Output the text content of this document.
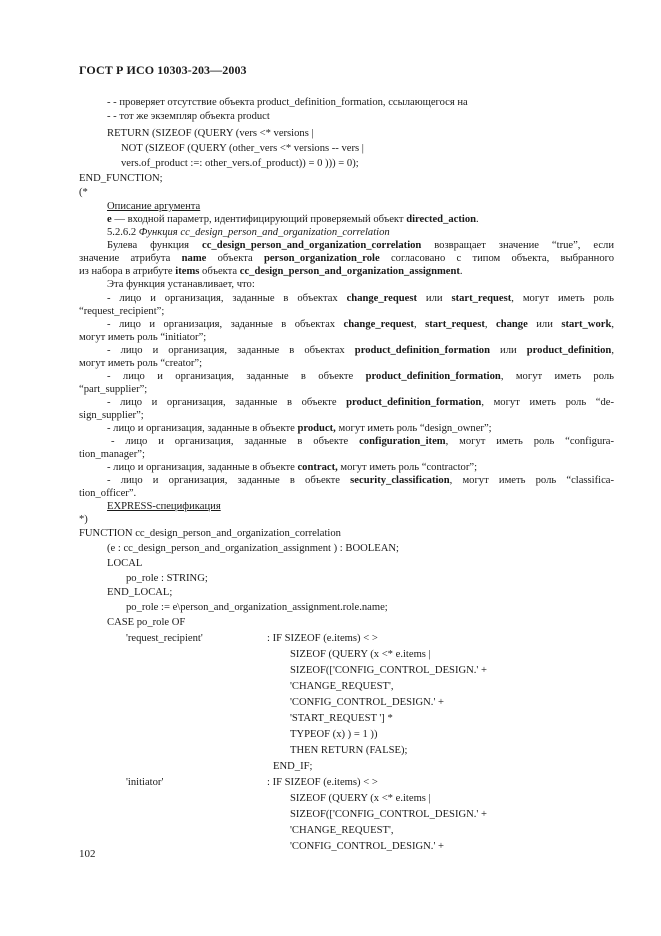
ГОСТ Р ИСО 10303-203—2003
- - проверяет отсутствие объекта product_definition_formation, ссылающегося на
- - тот же экземпляр объекта product
RETURN (SIZEOF (QUERY (vers <* versions |
NOT (SIZEOF (QUERY (other_vers <* versions -- vers |
vers.of_product :=: other_vers.of_product)) = 0 ))) = 0);
END_FUNCTION;
(*
Описание аргумента
e — входной параметр, идентифицирующий проверяемый объект directed_action.
5.2.6.2 Функция cc_design_person_and_organization_correlation
Булева функция cc_design_person_and_organization_correlation возвращает значение “true”, если
значение атрибута name объекта person_organization_role согласовано с типом объекта, выбранного
из набора в атрибуте items объекта cc_design_person_and_organization_assignment.
Эта функция устанавливает, что:
- лицо и организация, заданные в объектах change_request или start_request, могут иметь роль
“request_recipient”;
- лицо и организация, заданные в объектах change_request, start_request, change или start_work,
могут иметь роль “initiator”;
- лицо и организация, заданные в объектах product_definition_formation или product_definition,
могут иметь роль “creator”;
- лицо и организация, заданные в объекте product_definition_formation, могут иметь роль
“part_supplier”;
- лицо и организация, заданные в объекте product_definition_formation, могут иметь роль “de-
sign_supplier”;
- лицо и организация, заданные в объекте product, могут иметь роль “design_owner”;
- лицо и организация, заданные в объекте configuration_item, могут иметь роль “configura-
tion_manager”;
- лицо и организация, заданные в объекте contract, могут иметь роль “contractor”;
- лицо и организация, заданные в объекте security_classification, могут иметь роль “classifica-
tion_officer”.
EXPRESS-спецификация
*)
FUNCTION cc_design_person_and_organization_correlation
(e : cc_design_person_and_organization_assignment ) : BOOLEAN;
LOCAL
po_role : STRING;
END_LOCAL;
po_role := e\person_and_organization_assignment.role.name;
CASE po_role OF
'request_recipient'	: IF SIZEOF (e.items) < >
SIZEOF (QUERY (x <* e.items |
SIZEOF(['CONFIG_CONTROL_DESIGN.' +
'CHANGE_REQUEST',
'CONFIG_CONTROL_DESIGN.' +
'START_REQUEST '] *
TYPEOF (x) ) = 1 ))
THEN RETURN (FALSE);
END_IF;
'initiator'	: IF SIZEOF (e.items) < >
SIZEOF (QUERY (x <* e.items |
SIZEOF(['CONFIG_CONTROL_DESIGN.' +
'CHANGE_REQUEST',
'CONFIG_CONTROL_DESIGN.' +
102
